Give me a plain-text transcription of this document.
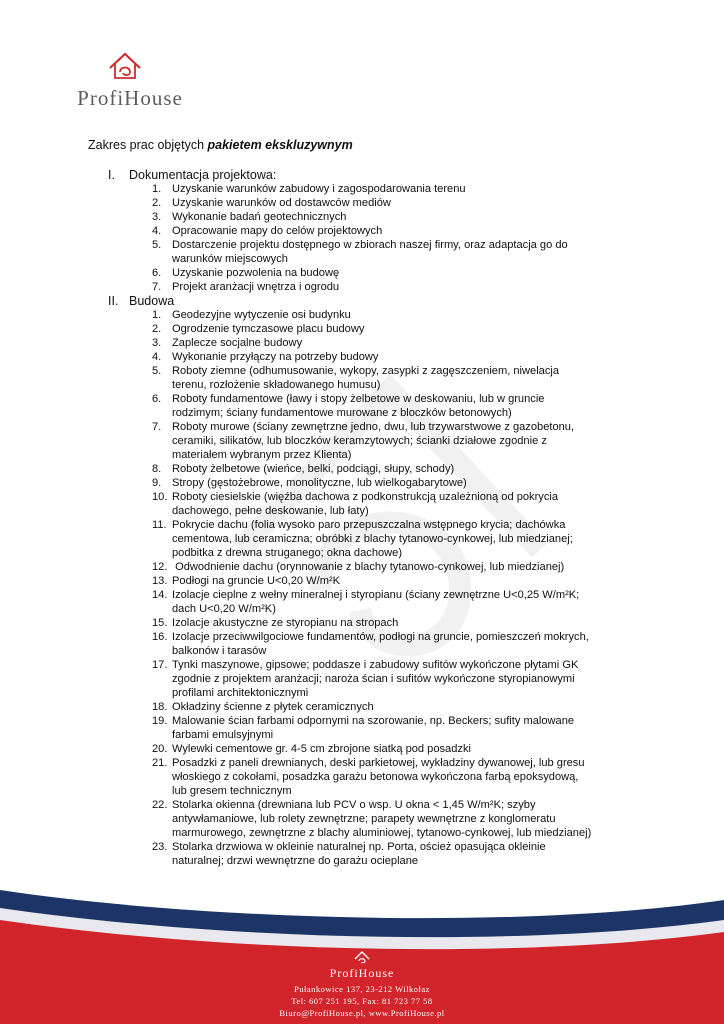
ProfiHouse
Zakres prac objętych pakietem ekskluzywnym
I. Dokumentacja projektowa:
1. Uzyskanie warunków zabudowy i zagospodarowania terenu
2. Uzyskanie warunków od dostawców mediów
3. Wykonanie badań geotechnicznych
4. Opracowanie mapy do celów projektowych
5. Dostarczenie projektu dostępnego w zbiorach naszej firmy, oraz adaptacja go do
warunków miejscowych
6. Uzyskanie pozwolenia na budowę
7. Projekt aranżacji wnętrza i ogrodu
II. Budowa
1. Geodezyjne wytyczenie osi budynku
2. Ogrodzenie tymczasowe placu budowy
3. Zaplecze socjalne budowy
4. Wykonanie przyłączy na potrzeby budowy
5. Roboty ziemne (odhumusowanie, wykopy, zasypki z zagęszczeniem, niwelacja
terenu, rozłożenie składowanego humusu)
6. Roboty fundamentowe (ławy i stopy żelbetowe w deskowaniu, lub w gruncie
rodzimym; ściany fundamentowe murowane z bloczków betonowych)
7. Roboty murowe (ściany zewnętrzne jedno, dwu, lub trzywarstwowe z gazobetonu,
ceramiki, silikatów, lub bloczków keramzytowych; ścianki działowe zgodnie z
materiałem wybranym przez Klienta)
8. Roboty żelbetowe (wieńce, belki, podciągi, słupy, schody)
9. Stropy (gęstożebrowe, monolityczne, lub wielkogabarytowe)
10. Roboty ciesielskie (więźba dachowa z podkonstrukcją uzależnioną od pokrycia
dachowego, pełne deskowanie, lub łaty)
11. Pokrycie dachu (folia wysoko paro przepuszczalna wstępnego krycia; dachówka
cementowa, lub ceramiczna; obróbki z blachy tytanowo-cynkowej, lub miedzianej;
podbitka z drewna struganego; okna dachowe)
12. Odwodnienie dachu (orynnowanie z blachy tytanowo-cynkowej, lub miedzianej)
13. Podłogi na gruncie U<0,20 W/m²K
14. Izolacje cieplne z wełny mineralnej i styropianu (ściany zewnętrzne U<0,25 W/m²K;
dach U<0,20 W/m²K)
15. Izolacje akustyczne ze styropianu na stropach
16. Izolacje przeciwwilgociowe fundamentów, podłogi na gruncie, pomieszczeń mokrych,
balkonów i tarasów
17. Tynki maszynowe, gipsowe; poddasze i zabudowy sufitów wykończone płytami GK
zgodnie z projektem aranżacji; naroża ścian i sufitów wykończone styropianowymi
profilami architektonicznymi
18. Okładziny ścienne z płytek ceramicznych
19. Malowanie ścian farbami odpornymi na szorowanie, np. Beckers; sufity malowane
farbami emulsyjnymi
20. Wylewki cementowe gr. 4-5 cm zbrojone siatką pod posadzki
21. Posadzki z paneli drewnianych, deski parkietowej, wykładziny dywanowej, lub gresu
włoskiego z cokołami, posadzka garażu betonowa wykończona farbą epoksydową,
lub gresem technicznym
22. Stolarka okienna (drewniana lub PCV o wsp. U okna < 1,45 W/m²K; szyby
antywłamaniowe, lub rolety zewnętrzne; parapety wewnętrzne z konglomeratu
marmurowego, zewnętrzne z blachy aluminiowej, tytanowo-cynkowej, lub miedzianej)
23. Stolarka drzwiowa w okleinie naturalnej np. Porta, oścież opasująca okleinie
naturalnej; drzwi wewnętrzne do garażu ocieplane
ProfiHouse
Pułankowice 137, 23-212 Wilkołaz
Tel: 607 251 195, Fax: 81 723 77 58
Biuro@ProfiHouse.pl, www.ProfiHouse.pl
